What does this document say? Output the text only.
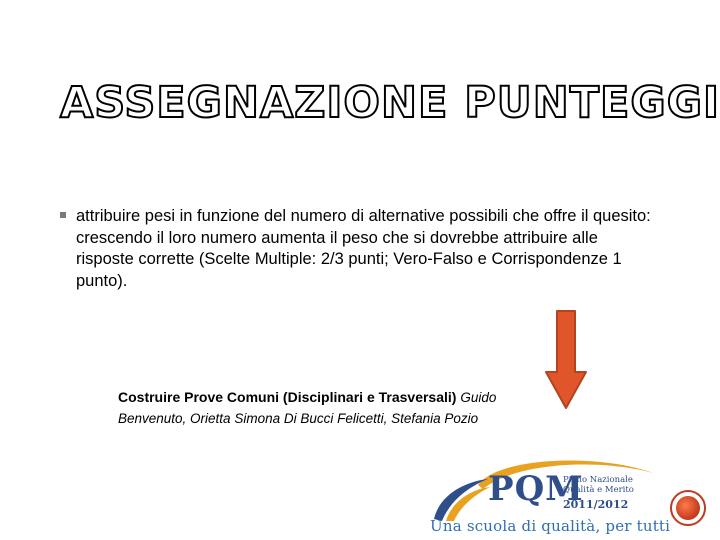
ASSEGNAZIONE PUNTEGGI

attribuire pesi in funzione del numero di alternative possibili che offre il quesito: crescendo il loro numero aumenta il peso che si dovrebbe attribuire alle risposte corrette (Scelte Multiple: 2/3 punti; Vero-Falso e Corrispondenze 1 punto).

Costruire Prove Comuni (Disciplinari e Trasversali) Guido Benvenuto, Orietta Simona Di Bucci Felicetti, Stefania Pozio
PQM
Piano Nazionale
Qualità e Merito
2011/2012
Una scuola di qualità, per tutti
